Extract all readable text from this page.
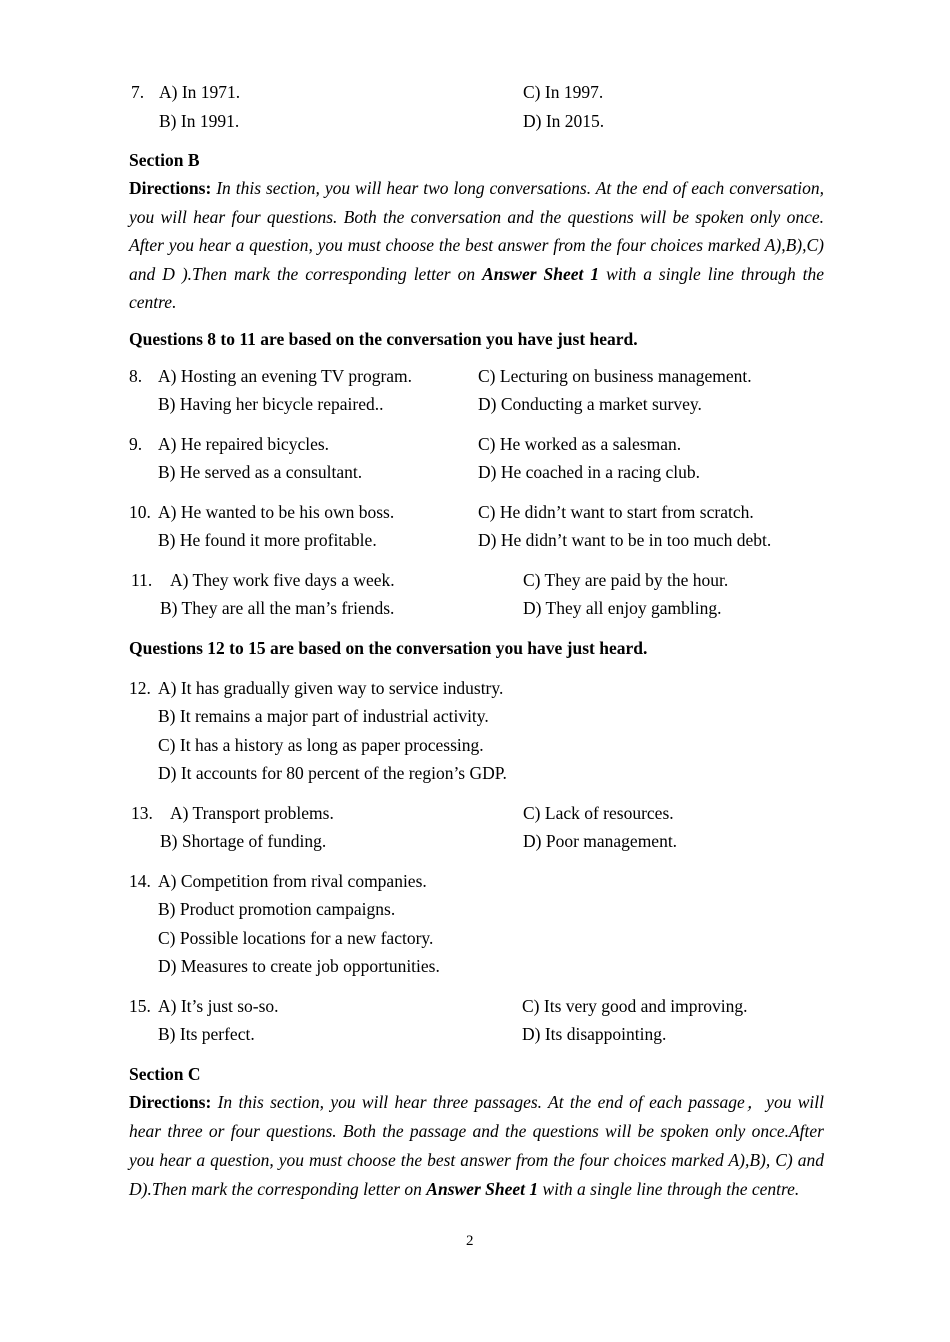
7. A) In 1971.
B) In 1991.
C) In 1997.
D) In 2015.
Section B
Directions: In this section, you will hear two long conversations. At the end of each conversation, you will hear four questions. Both the conversation and the questions will be spoken only once. After you hear a question, you must choose the best answer from the four choices marked A),B),C) and D ).Then mark the corresponding letter on Answer Sheet 1 with a single line through the centre.
Questions 8 to 11 are based on the conversation you have just heard.
8. A) Hosting an evening TV program.
B) Having her bicycle repaired..
C) Lecturing on business management.
D) Conducting a market survey.
9. A) He repaired bicycles.
B) He served as a consultant.
C) He worked as a salesman.
D) He coached in a racing club.
10. A) He wanted to be his own boss.
B) He found it more profitable.
C) He didn’t want to start from scratch.
D) He didn’t want to be in too much debt.
11. A) They work five days a week.
B) They are all the man’s friends.
C) They are paid by the hour.
D) They all enjoy gambling.
Questions 12 to 15 are based on the conversation you have just heard.
12. A) It has gradually given way to service industry.
B) It remains a major part of industrial activity.
C) It has a history as long as paper processing.
D) It accounts for 80 percent of the region’s GDP.
13. A) Transport problems.
B) Shortage of funding.
C) Lack of resources.
D) Poor management.
14. A) Competition from rival companies.
B) Product promotion campaigns.
C) Possible locations for a new factory.
D) Measures to create job opportunities.
15. A) It’s just so-so.
B) Its perfect.
C) Its very good and improving.
D) Its disappointing.
Section C
Directions: In this section, you will hear three passages. At the end of each passage，you will hear three or four questions. Both the passage and the questions will be spoken only once.After you hear a question, you must choose the best answer from the four choices marked A),B), C) and D).Then mark the corresponding letter on Answer Sheet 1 with a single line through the centre.
2
